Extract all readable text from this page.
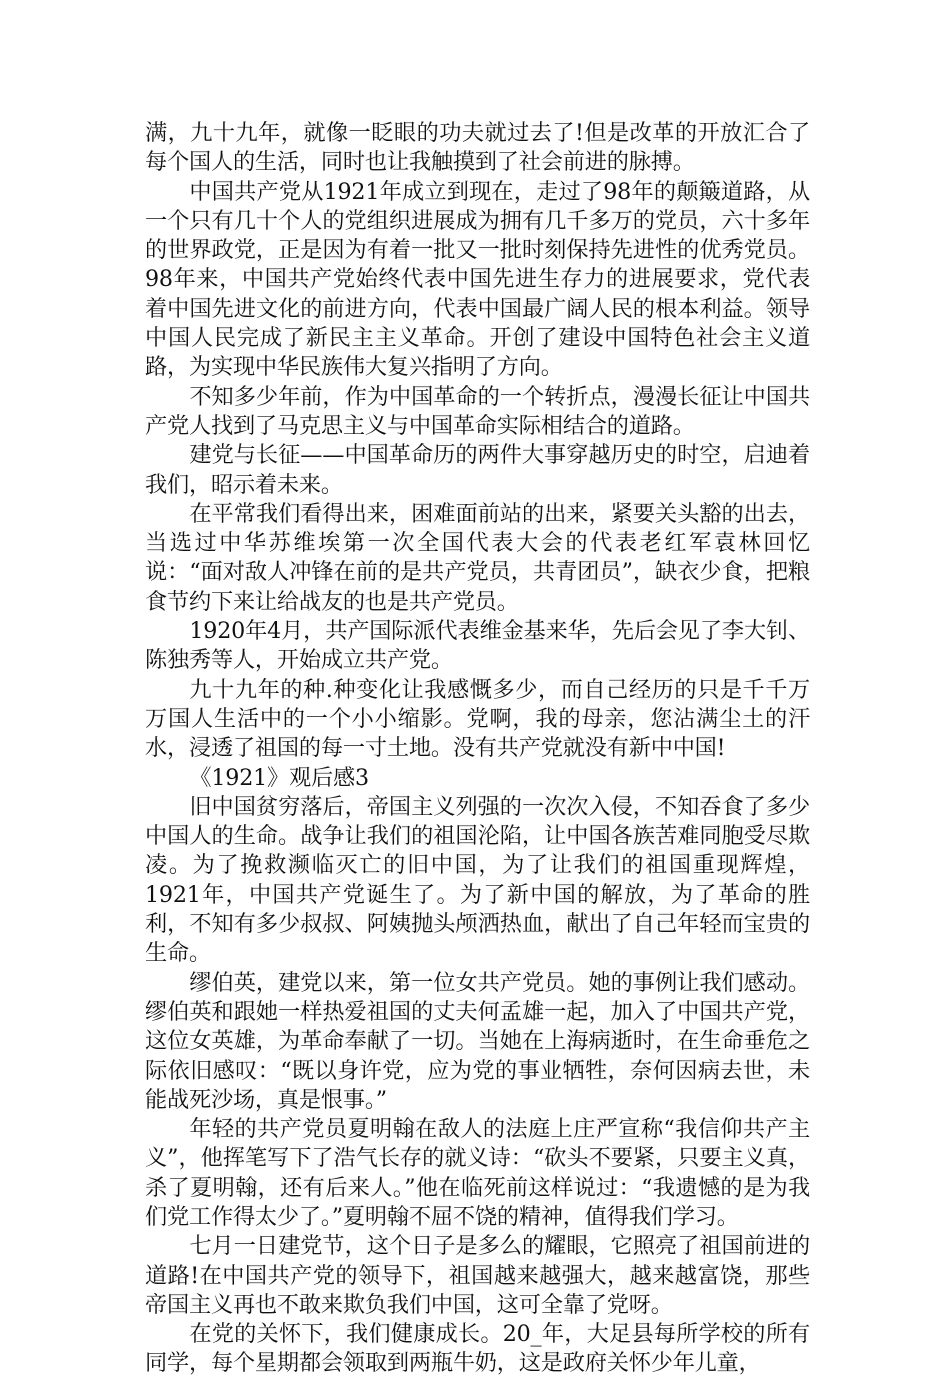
满，九十九年，就像一眨眼的功夫就过去了!但是改革的开放汇合了每个国人的生活，同时也让我触摸到了社会前进的脉搏。

中国共产党从1921年成立到现在，走过了98年的颠簸道路，从一个只有几十个人的党组织进展成为拥有几千多万的党员，六十多年的世界政党，正是因为有着一批又一批时刻保持先进性的优秀党员。98年来，中国共产党始终代表中国先进生存力的进展要求，党代表着中国先进文化的前进方向，代表中国最广阔人民的根本利益。领导中国人民完成了新民主主义革命。开创了建设中国特色社会主义道路，为实现中华民族伟大复兴指明了方向。

不知多少年前，作为中国革命的一个转折点，漫漫长征让中国共产党人找到了马克思主义与中国革命实际相结合的道路。

建党与长征——中国革命历的两件大事穿越历史的时空，启迪着我们，昭示着未来。

在平常我们看得出来，困难面前站的出来，紧要关头豁的出去，当选过中华苏维埃第一次全国代表大会的代表老红军袁林回忆说：“面对敌人冲锋在前的是共产党员，共青团员”，缺衣少食，把粮食节约下来让给战友的也是共产党员。

1920年4月，共产国际派代表维金基来华，先后会见了李大钊、陈独秀等人，开始成立共产党。

九十九年的种.种变化让我感慨多少，而自己经历的只是千千万万国人生活中的一个小小缩影。党啊，我的母亲，您沾满尘土的汗水，浸透了祖国的每一寸土地。没有共产党就没有新中中国!

《1921》观后感3

旧中国贫穷落后，帝国主义列强的一次次入侵，不知吞食了多少中国人的生命。战争让我们的祖国沦陷，让中国各族苦难同胞受尽欺凌。为了挽救濒临灭亡的旧中国，为了让我们的祖国重现辉煌，1921年，中国共产党诞生了。为了新中国的解放，为了革命的胜利，不知有多少叔叔、阿姨抛头颅洒热血，献出了自己年轻而宝贵的生命。

缪伯英，建党以来，第一位女共产党员。她的事例让我们感动。缪伯英和跟她一样热爱祖国的丈夫何孟雄一起，加入了中国共产党，这位女英雄，为革命奉献了一切。当她在上海病逝时，在生命垂危之际依旧感叹：“既以身许党，应为党的事业牺牲，奈何因病去世，未能战死沙场，真是恨事。”

年轻的共产党员夏明翰在敌人的法庭上庄严宣称“我信仰共产主义”，他挥笔写下了浩气长存的就义诗：“砍头不要紧，只要主义真，杀了夏明翰，还有后来人。”他在临死前这样说过：“我遗憾的是为我们党工作得太少了。”夏明翰不屈不饶的精神，值得我们学习。

七月一日建党节，这个日子是多么的耀眼，它照亮了祖国前进的道路!在中国共产党的领导下，祖国越来越强大，越来越富饶，那些帝国主义再也不敢来欺负我们中国，这可全靠了党呀。

在党的关怀下，我们健康成长。20_年，大足县每所学校的所有同学，每个星期都会领取到两瓶牛奶，这是政府关怀少年儿童，
